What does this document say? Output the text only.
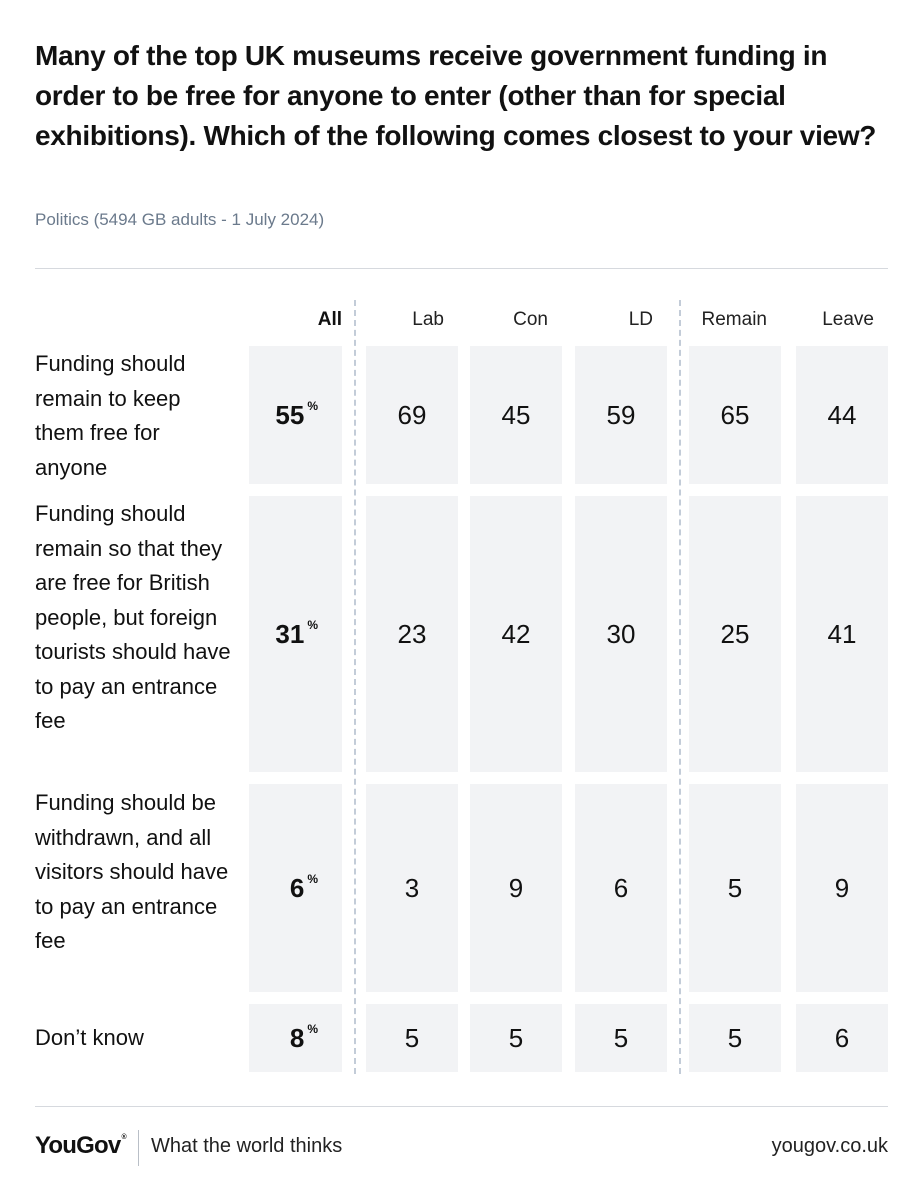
Many of the top UK museums receive government funding in order to be free for anyone to enter (other than for special exhibitions). Which of the following comes closest to your view?
Politics (5494 GB adults - 1 July 2024)
All	Lab	Con	LD	Remain	Leave
Funding should remain to keep them free for anyone
55 %	69	45	59	65	44
Funding should remain so that they are free for British people, but foreign tourists should have to pay an entrance fee
31 %	23	42	30	25	41
Funding should be withdrawn, and all visitors should have to pay an entrance fee
6 %	3	9	6	5	9
Don’t know	8 %	5	5	5	5	6
YouGov® What the world thinks	yougov.co.uk
